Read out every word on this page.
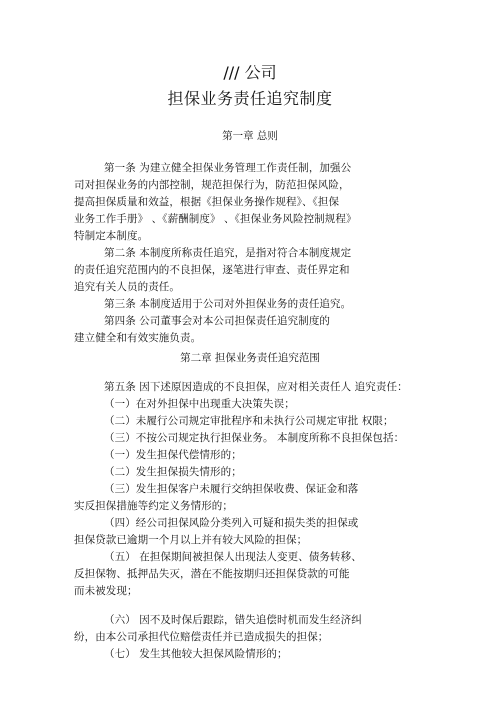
/// 公司
担保业务责任追究制度
第一章 总则
第一条 为建立健全担保业务管理工作责任制，加强公
司对担保业务的内部控制，规范担保行为，防范担保风险，
提高担保质量和效益，根据《担保业务操作规程》、《担保
业务工作手册》 、《薪酬制度》 、《担保业务风险控制规程》
特制定本制度。
第二条 本制度所称责任追究，是指对符合本制度规定
的责任追究范围内的不良担保，逐笔进行审查、责任界定和
追究有关人员的责任。
第三条 本制度适用于公司对外担保业务的责任追究。
第四条 公司董事会对本公司担保责任追究制度的
建立健全和有效实施负责。
第二章 担保业务责任追究范围
第五条 因下述原因造成的不良担保，应对相关责任人 追究责任：
（一）在对外担保中出现重大决策失误；
（二）未履行公司规定审批程序和未执行公司规定审批 权限；
（三）不按公司规定执行担保业务。 本制度所称不良担保包括：
（一）发生担保代偿情形的；
（二）发生担保损失情形的；
（三）发生担保客户未履行交纳担保收费、保证金和落
实反担保措施等约定义务情形的；
（四）经公司担保风险分类列入可疑和损失类的担保或
担保贷款已逾期一个月以上并有较大风险的担保；
（五） 在担保期间被担保人出现法人变更、债务转移、
反担保物、抵押品失灭，潜在不能按期归还担保贷款的可能
而未被发现；
（六） 因不及时保后跟踪，错失追偿时机而发生经济纠
纷，由本公司承担代位赔偿责任并已造成损失的担保；
（七） 发生其他较大担保风险情形的；
